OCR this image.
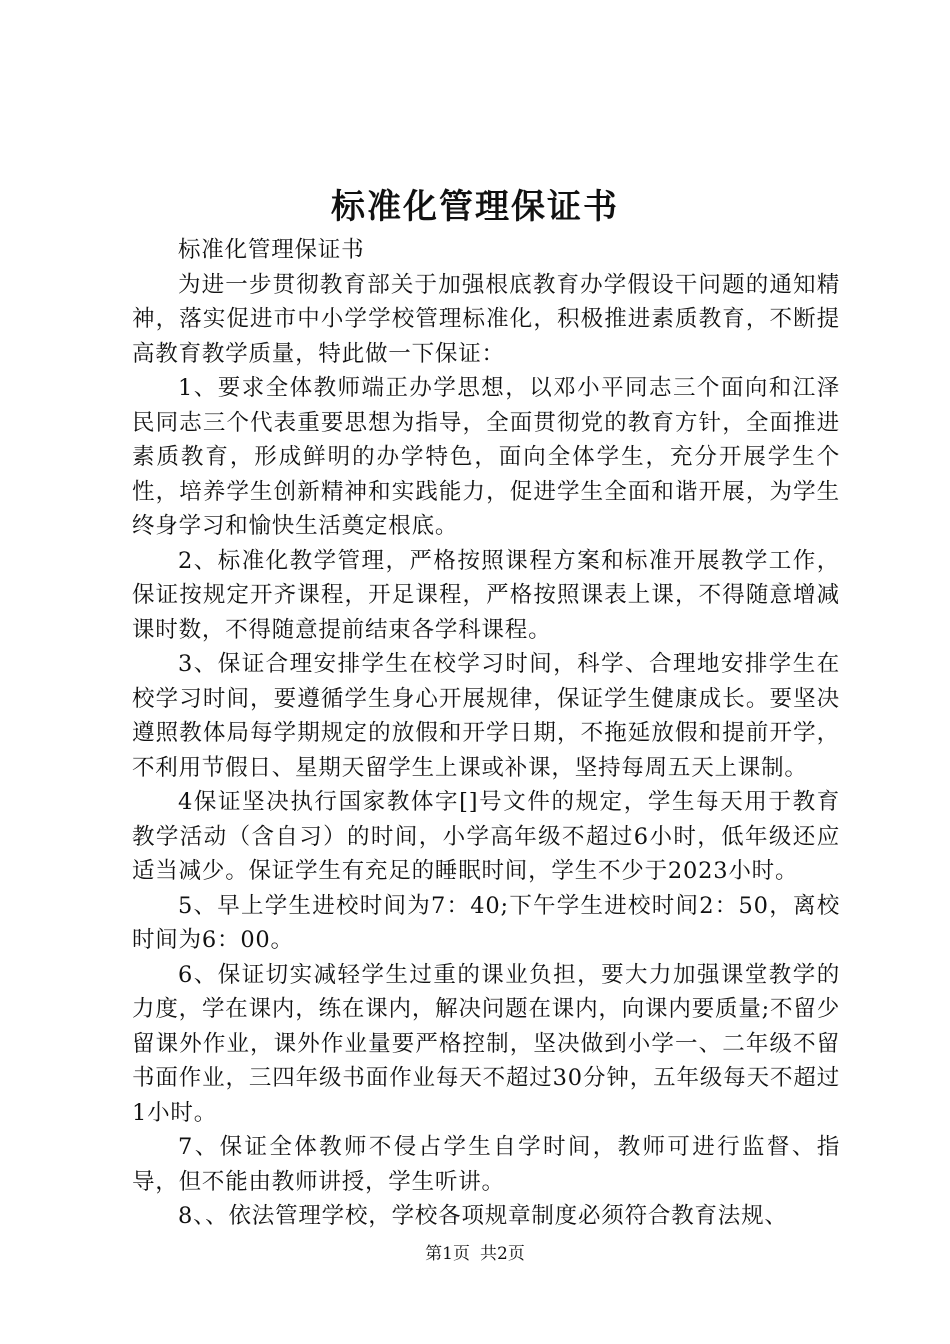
标准化管理保证书

标准化管理保证书

为进一步贯彻教育部关于加强根底教育办学假设干问题的通知精神，落实促进市中小学学校管理标准化，积极推进素质教育，不断提高教育教学质量，特此做一下保证：

1、要求全体教师端正办学思想，以邓小平同志三个面向和江泽民同志三个代表重要思想为指导，全面贯彻党的教育方针，全面推进素质教育，形成鲜明的办学特色，面向全体学生，充分开展学生个性，培养学生创新精神和实践能力，促进学生全面和谐开展，为学生终身学习和愉快生活奠定根底。

2、标准化教学管理，严格按照课程方案和标准开展教学工作，保证按规定开齐课程，开足课程，严格按照课表上课，不得随意增减课时数，不得随意提前结束各学科课程。

3、保证合理安排学生在校学习时间，科学、合理地安排学生在校学习时间，要遵循学生身心开展规律，保证学生健康成长。要坚决遵照教体局每学期规定的放假和开学日期，不拖延放假和提前开学，不利用节假日、星期天留学生上课或补课，坚持每周五天上课制。

4保证坚决执行国家教体字[]号文件的规定，学生每天用于教育教学活动（含自习）的时间，小学高年级不超过6小时，低年级还应适当减少。保证学生有充足的睡眠时间，学生不少于2023小时。

5、早上学生进校时间为7：40;下午学生进校时间2：50，离校时间为6：00。

6、保证切实减轻学生过重的课业负担，要大力加强课堂教学的力度，学在课内，练在课内，解决问题在课内，向课内要质量;不留少留课外作业，课外作业量要严格控制，坚决做到小学一、二年级不留书面作业，三四年级书面作业每天不超过30分钟，五年级每天不超过1小时。

7、保证全体教师不侵占学生自学时间，教师可进行监督、指导，但不能由教师讲授，学生听讲。

8、、依法管理学校，学校各项规章制度必须符合教育法规、

第1页 共2页
